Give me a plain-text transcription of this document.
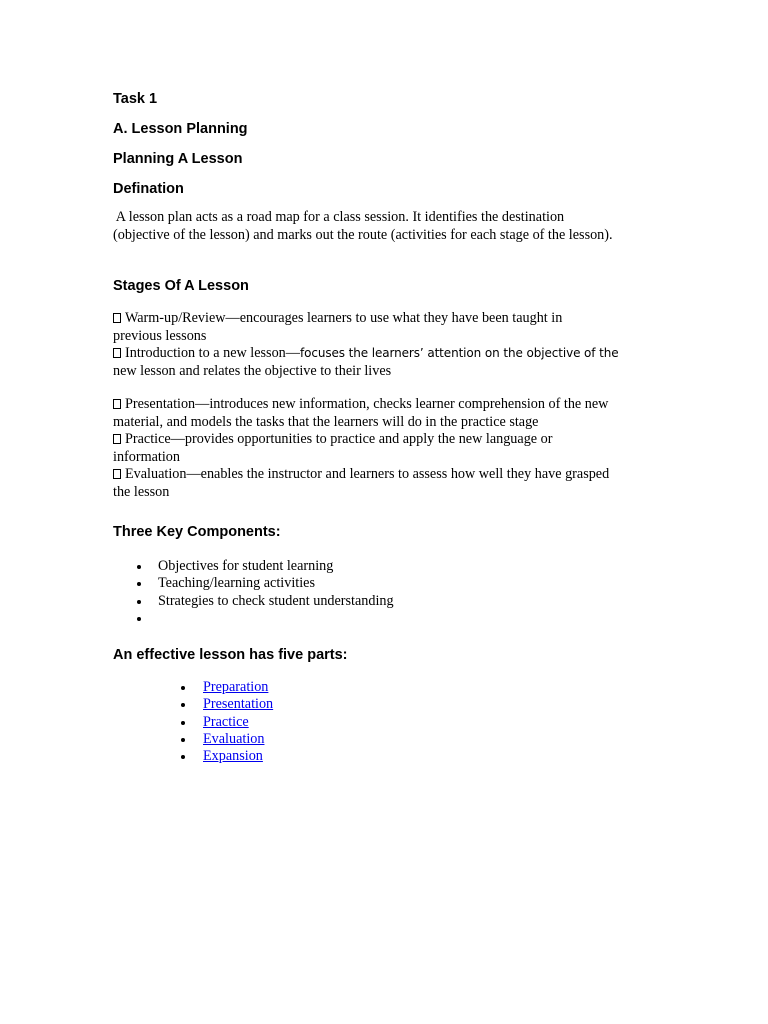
Task 1

A. Lesson Planning

Planning A Lesson

Defination

A lesson plan acts as a road map for a class session. It identifies the destination
(objective of the lesson) and marks out the route (activities for each stage of the lesson).

Stages Of A Lesson

Warm-up/Review—encourages learners to use what they have been taught in
previous lessons
Introduction to a new lesson—focuses the learners’ attention on the objective of the
new lesson and relates the objective to their lives

Presentation—introduces new information, checks learner comprehension of the new
material, and models the tasks that the learners will do in the practice stage
Practice—provides opportunities to practice and apply the new language or
information
Evaluation—enables the instructor and learners to assess how well they have grasped
the lesson

Three Key Components:

Objectives for student learning
Teaching/learning activities
Strategies to check student understanding

An effective lesson has five parts:

Preparation
Presentation
Practice
Evaluation
Expansion
